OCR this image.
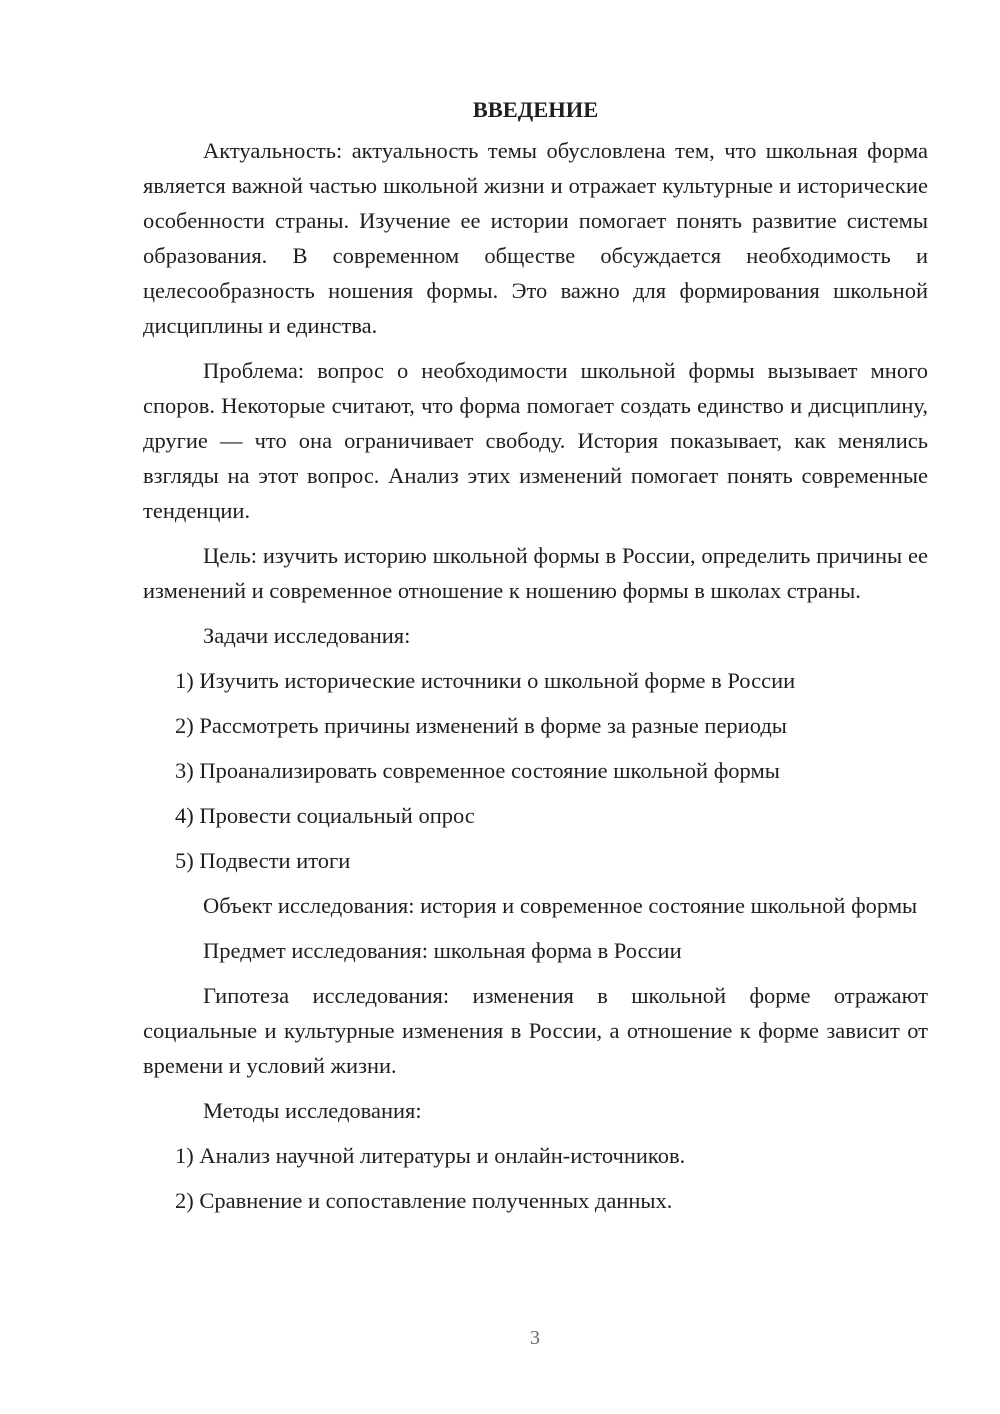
ВВЕДЕНИЕ

Актуальность: актуальность темы обусловлена тем, что школьная форма является важной частью школьной жизни и отражает культурные и исторические особенности страны. Изучение ее истории помогает понять развитие системы образования. В современном обществе обсуждается необходимость и целесообразность ношения формы. Это важно для формирования школьной дисциплины и единства.

Проблема: вопрос о необходимости школьной формы вызывает много споров. Некоторые считают, что форма помогает создать единство и дисциплину, другие — что она ограничивает свободу. История показывает, как менялись взгляды на этот вопрос. Анализ этих изменений помогает понять современные тенденции.

Цель: изучить историю школьной формы в России, определить причины ее изменений и современное отношение к ношению формы в школах страны.

Задачи исследования:

1) Изучить исторические источники о школьной форме в России
2) Рассмотреть причины изменений в форме за разные периоды
3) Проанализировать современное состояние школьной формы
4) Провести социальный опрос
5) Подвести итоги

Объект исследования: история и современное состояние школьной формы

Предмет исследования: школьная форма в России

Гипотеза исследования: изменения в школьной форме отражают социальные и культурные изменения в России, а отношение к форме зависит от времени и условий жизни.

Методы исследования:

1) Анализ научной литературы и онлайн-источников.
2) Сравнение и сопоставление полученных данных.
3
